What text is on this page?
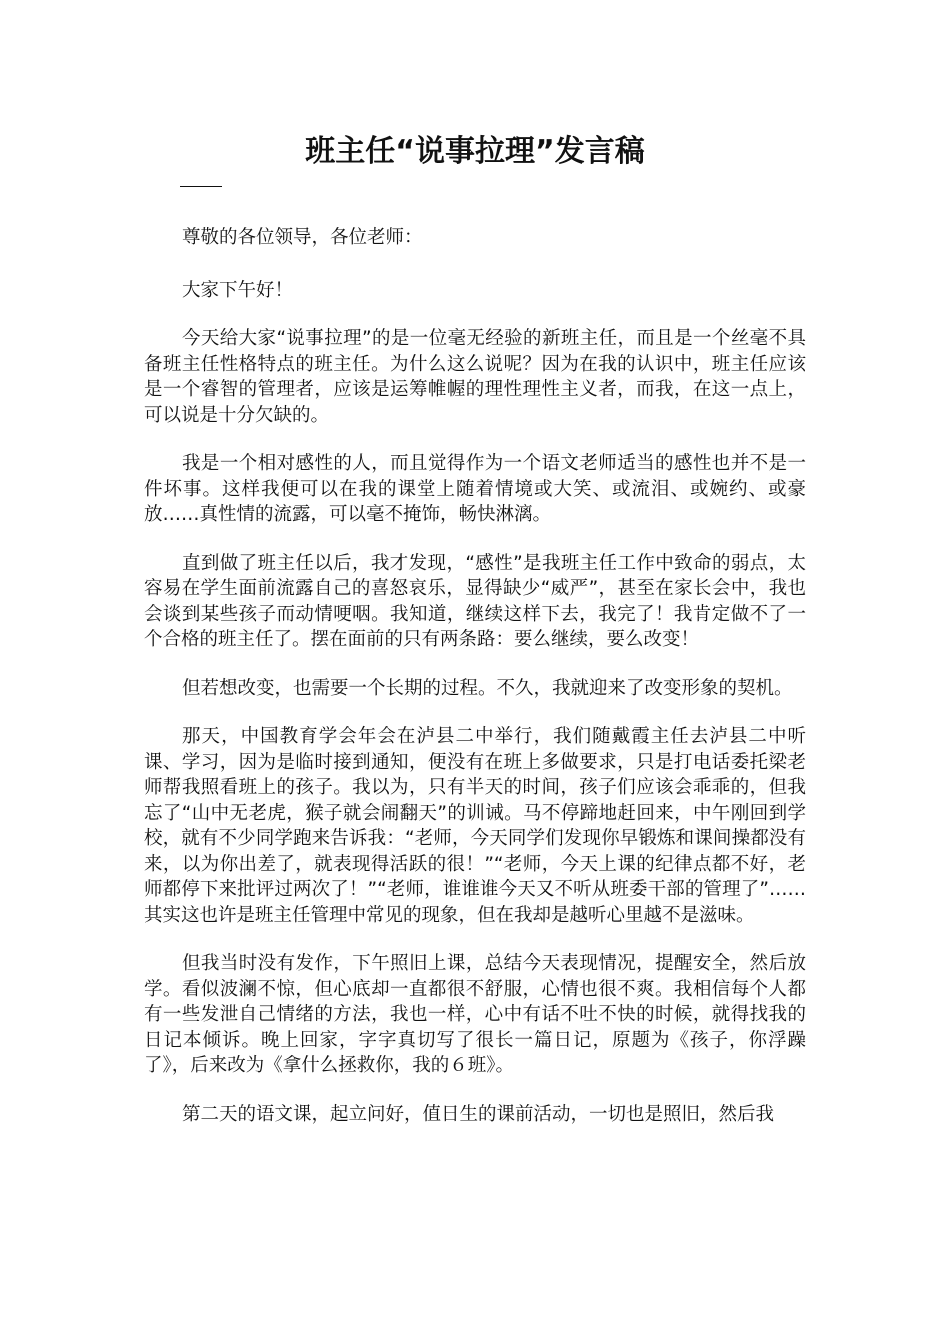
班主任“说事拉理”发言稿

尊敬的各位领导，各位老师：

大家下午好！

今天给大家“说事拉理”的是一位毫无经验的新班主任，而且是一个丝毫不具备班主任性格特点的班主任。为什么这么说呢？因为在我的认识中，班主任应该是一个睿智的管理者，应该是运筹帷幄的理性理性主义者，而我，在这一点上，可以说是十分欠缺的。

我是一个相对感性的人，而且觉得作为一个语文老师适当的感性也并不是一件坏事。这样我便可以在我的课堂上随着情境或大笑、或流泪、或婉约、或豪放……真性情的流露，可以毫不掩饰，畅快淋漓。

直到做了班主任以后，我才发现，“感性”是我班主任工作中致命的弱点，太容易在学生面前流露自己的喜怒哀乐，显得缺少“威严”，甚至在家长会中，我也会谈到某些孩子而动情哽咽。我知道，继续这样下去，我完了！我肯定做不了一个合格的班主任了。摆在面前的只有两条路：要么继续，要么改变！

但若想改变，也需要一个长期的过程。不久，我就迎来了改变形象的契机。

那天，中国教育学会年会在泸县二中举行，我们随戴霞主任去泸县二中听课、学习，因为是临时接到通知，便没有在班上多做要求，只是打电话委托梁老师帮我照看班上的孩子。我以为，只有半天的时间，孩子们应该会乖乖的，但我忘了“山中无老虎，猴子就会闹翻天”的训诫。马不停蹄地赶回来，中午刚回到学校，就有不少同学跑来告诉我：“老师，今天同学们发现你早锻炼和课间操都没有来，以为你出差了，就表现得活跃的很！”“老师，今天上课的纪律点都不好，老师都停下来批评过两次了！”“老师，谁谁谁今天又不听从班委干部的管理了”……其实这也许是班主任管理中常见的现象，但在我却是越听心里越不是滋味。

但我当时没有发作，下午照旧上课，总结今天表现情况，提醒安全，然后放学。看似波澜不惊，但心底却一直都很不舒服，心情也很不爽。我相信每个人都有一些发泄自己情绪的方法，我也一样，心中有话不吐不快的时候，就得找我的日记本倾诉。晚上回家，字字真切写了很长一篇日记，原题为《孩子，你浮躁了》，后来改为《拿什么拯救你，我的６班》。

第二天的语文课，起立问好，值日生的课前活动，一切也是照旧，然后我
